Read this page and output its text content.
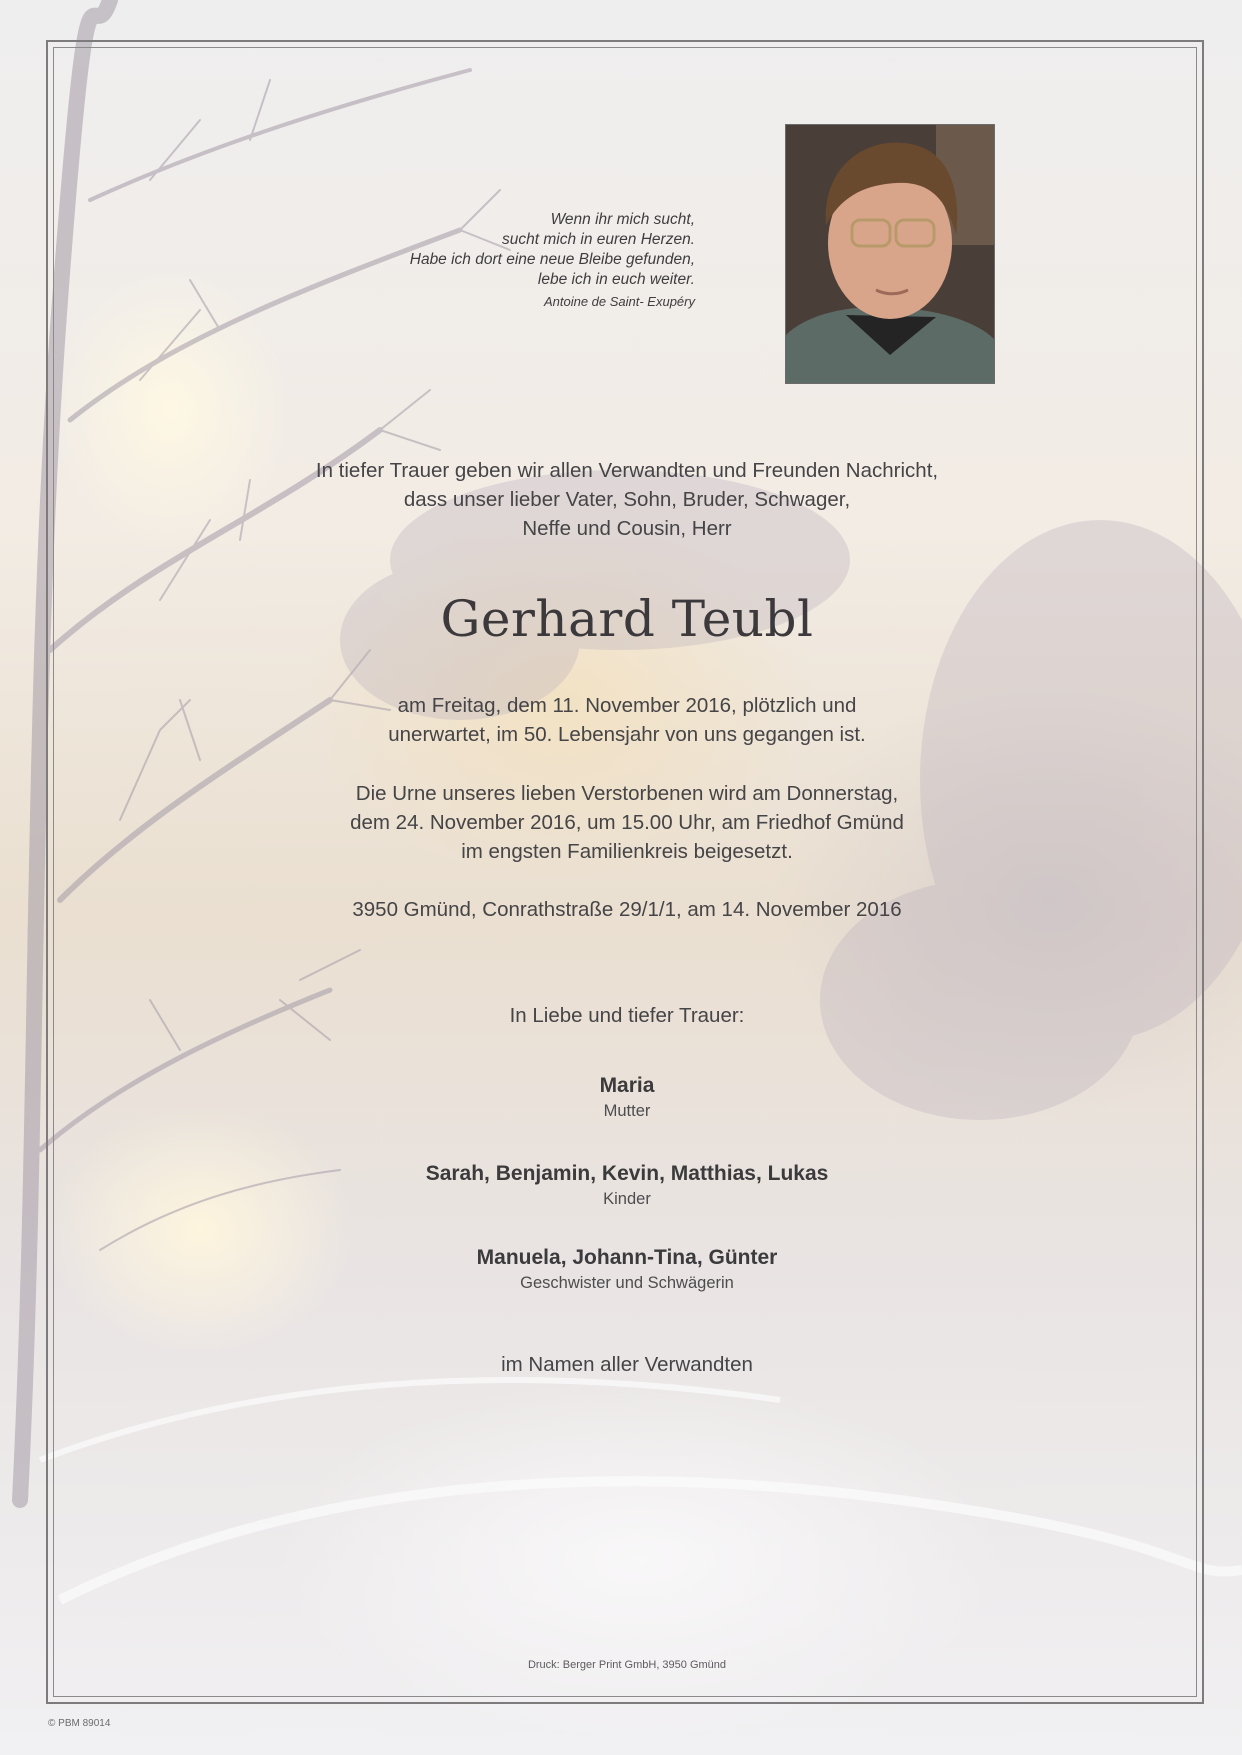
Wenn ihr mich sucht,
sucht mich in euren Herzen.
Habe ich dort eine neue Bleibe gefunden,
lebe ich in euch weiter.
Antoine de Saint- Exupéry
In tiefer Trauer geben wir allen Verwandten und Freunden Nachricht,
dass unser lieber Vater, Sohn, Bruder, Schwager,
Neffe und Cousin, Herr
Gerhard Teubl
am Freitag, dem 11. November 2016, plötzlich und
unerwartet, im 50. Lebensjahr von uns gegangen ist.
Die Urne unseres lieben Verstorbenen wird am Donnerstag,
dem 24. November 2016, um 15.00 Uhr, am Friedhof Gmünd
im engsten Familienkreis beigesetzt.
3950 Gmünd, Conrathstraße 29/1/1, am 14. November 2016
In Liebe und tiefer Trauer:
Maria
Mutter
Sarah, Benjamin, Kevin, Matthias, Lukas
Kinder
Manuela, Johann-Tina, Günter
Geschwister und Schwägerin
im Namen aller Verwandten
Druck: Berger Print GmbH, 3950 Gmünd
© PBM 89014
